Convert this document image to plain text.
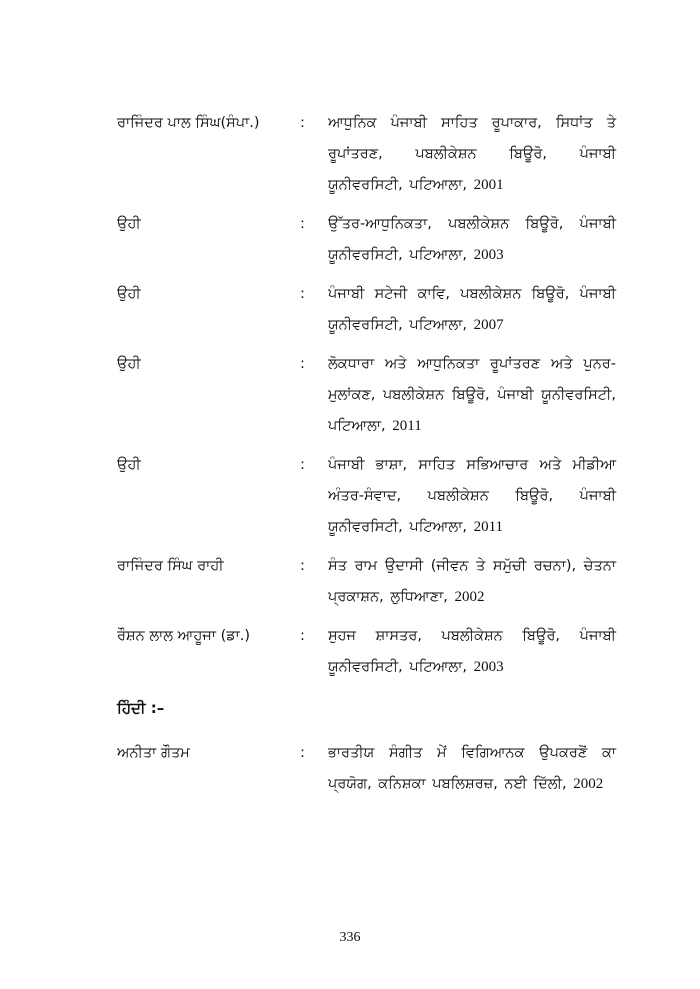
ਰਾਜਿੰਦਰ ਪਾਲ ਸਿੰਘ(ਸੰਪਾ.)	:	ਆਧੁਨਿਕ ਪੰਜਾਬੀ ਸਾਹਿਤ ਰੂਪਾਕਾਰ, ਸਿਧਾਂਤ ਤੇ ਰੂਪਾਂਤਰਣ, ਪਬਲੀਕੇਸ਼ਨ ਬਿਊਰੋ, ਪੰਜਾਬੀ ਯੂਨੀਵਰਸਿਟੀ, ਪਟਿਆਲਾ, 2001
ਉਹੀ	:	ਉੱਤਰ-ਆਧੁਨਿਕਤਾ, ਪਬਲੀਕੇਸ਼ਨ ਬਿਊਰੋ, ਪੰਜਾਬੀ ਯੂਨੀਵਰਸਿਟੀ, ਪਟਿਆਲਾ, 2003
ਉਹੀ	:	ਪੰਜਾਬੀ ਸਟੇਜੀ ਕਾਵਿ, ਪਬਲੀਕੇਸ਼ਨ ਬਿਊਰੋ, ਪੰਜਾਬੀ ਯੂਨੀਵਰਸਿਟੀ, ਪਟਿਆਲਾ, 2007
ਉਹੀ	:	ਲੋਕਧਾਰਾ ਅਤੇ ਆਧੁਨਿਕਤਾ ਰੂਪਾਂਤਰਣ ਅਤੇ ਪੁਨਰ-ਮੁਲਾਂਕਣ, ਪਬਲੀਕੇਸ਼ਨ ਬਿਊਰੋ, ਪੰਜਾਬੀ ਯੂਨੀਵਰਸਿਟੀ, ਪਟਿਆਲਾ, 2011
ਉਹੀ	:	ਪੰਜਾਬੀ ਭਾਸ਼ਾ, ਸਾਹਿਤ ਸਭਿਆਚਾਰ ਅਤੇ ਮੀਡੀਆ ਅੰਤਰ-ਸੰਵਾਦ, ਪਬਲੀਕੇਸ਼ਨ ਬਿਊਰੋ, ਪੰਜਾਬੀ ਯੂਨੀਵਰਸਿਟੀ, ਪਟਿਆਲਾ, 2011
ਰਾਜਿੰਦਰ ਸਿੰਘ ਰਾਹੀ	:	ਸੰਤ ਰਾਮ ਉਦਾਸੀ (ਜੀਵਨ ਤੇ ਸਮੁੱਚੀ ਰਚਨਾ), ਚੇਤਨਾ ਪ੍ਰਕਾਸ਼ਨ, ਲੁਧਿਆਣਾ, 2002
ਰੌਸ਼ਨ ਲਾਲ ਆਹੂਜਾ (ਡਾ.)	:	ਸੁਹਜ ਸ਼ਾਸਤਰ, ਪਬਲੀਕੇਸ਼ਨ ਬਿਊਰੋ, ਪੰਜਾਬੀ ਯੂਨੀਵਰਸਿਟੀ, ਪਟਿਆਲਾ, 2003
ਹਿੰਦੀ :–
ਅਨੀਤਾ ਗੌਤਮ	:	ਭਾਰਤੀਯ ਸੰਗੀਤ ਮੇਂ ਵਿਗਿਆਨਕ ਉਪਕਰਣੋਂ ਕਾ ਪ੍ਰਯੋਗ, ਕਨਿਸ਼ਕਾ ਪਬਲਿਸ਼ਰਜ਼, ਨਈ ਦਿੱਲੀ, 2002
336
